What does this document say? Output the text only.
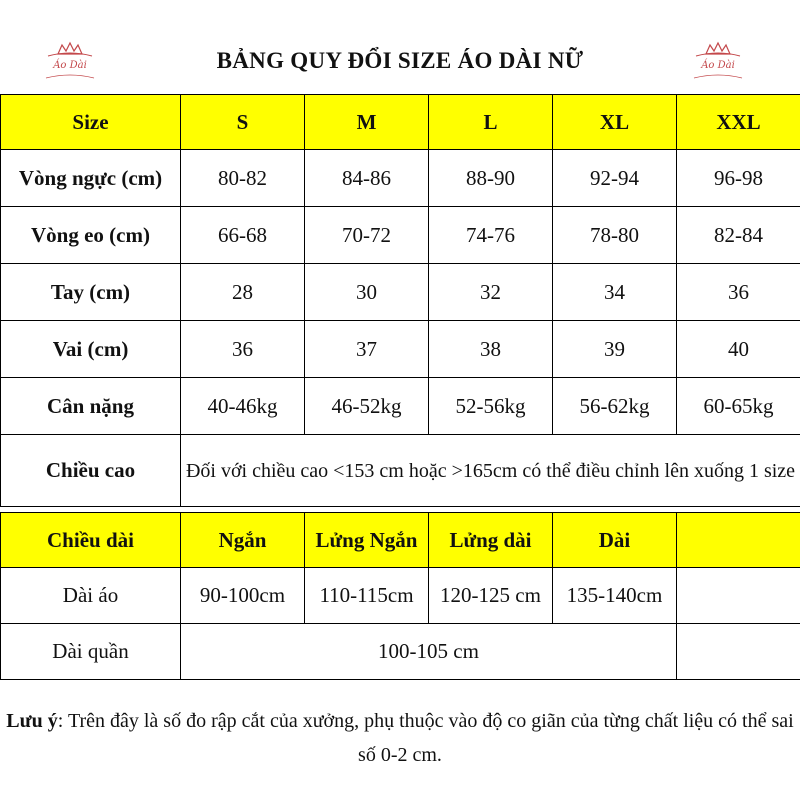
Áo Dài	BẢNG QUY ĐỔI SIZE ÁO DÀI NỮ	Áo Dài
Size	S	M	L	XL	XXL
Vòng ngực (cm)	80-82	84-86	88-90	92-94	96-98
Vòng eo (cm)	66-68	70-72	74-76	78-80	82-84
Tay (cm)	28	30	32	34	36
Vai (cm)	36	37	38	39	40
Cân nặng	40-46kg	46-52kg	52-56kg	56-62kg	60-65kg
Chiều cao	Đối với chiều cao <153 cm hoặc >165cm có thể điều chỉnh lên xuống 1 size				
Chiều dài	Ngắn	Lửng Ngắn	Lửng dài	Dài	
Dài áo	90-100cm	110-115cm	120-125 cm	135-140cm	
Dài quần	100-105 cm				
Lưu ý: Trên đây là số đo rập cắt của xưởng, phụ thuộc vào độ co giãn của từng chất liệu có thể sai số 0-2 cm.
